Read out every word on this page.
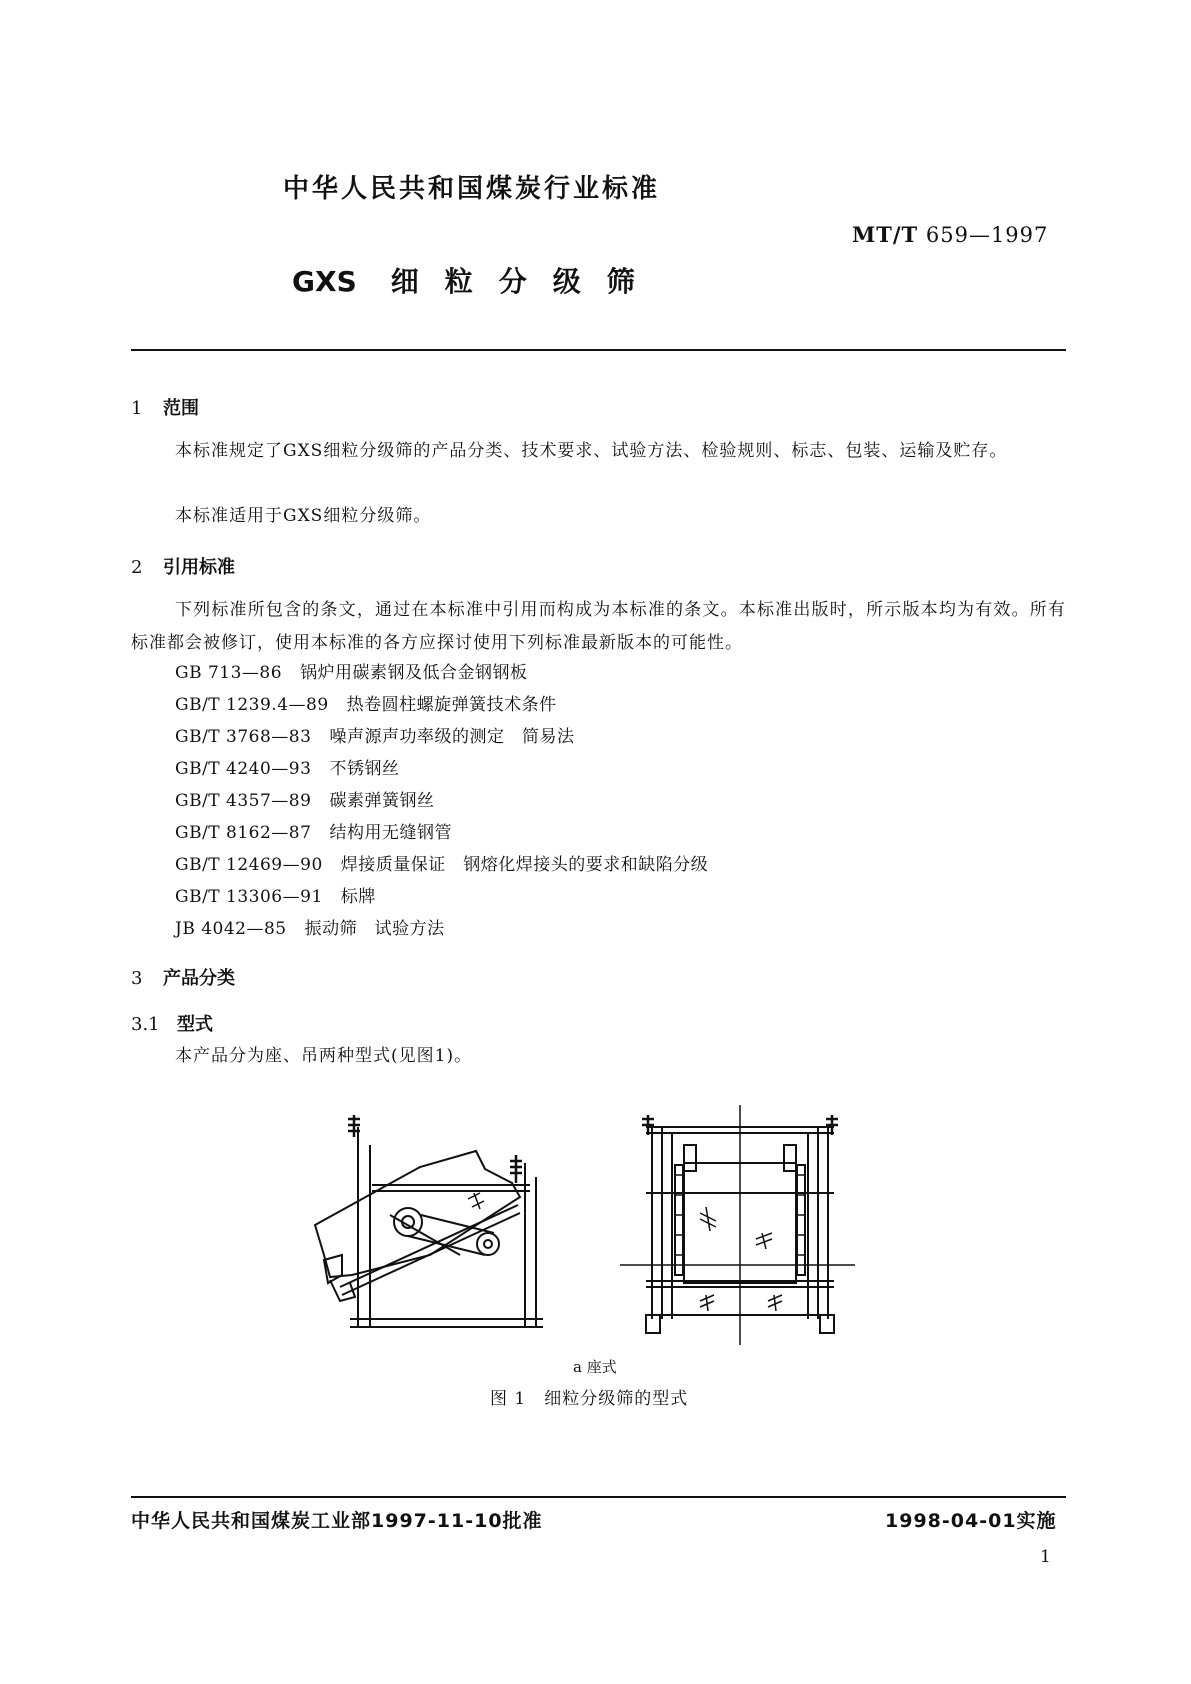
中华人民共和国煤炭行业标准
MT/T 659—1997
GXS 细粒分级筛
1 范围
本标准规定了GXS细粒分级筛的产品分类、技术要求、试验方法、检验规则、标志、包装、运输及贮存。
本标准适用于GXS细粒分级筛。
2 引用标准
下列标准所包含的条文，通过在本标准中引用而构成为本标准的条文。本标准出版时，所示版本均为有效。所有标准都会被修订，使用本标准的各方应探讨使用下列标准最新版本的可能性。
GB 713—86 锅炉用碳素钢及低合金钢钢板
GB/T 1239.4—89 热卷圆柱螺旋弹簧技术条件
GB/T 3768—83 噪声源声功率级的测定　简易法
GB/T 4240—93 不锈钢丝
GB/T 4357—89 碳素弹簧钢丝
GB/T 8162—87 结构用无缝钢管
GB/T 12469—90 焊接质量保证　钢熔化焊接头的要求和缺陷分级
GB/T 13306—91 标牌
JB 4042—85 振动筛　试验方法
3 产品分类
3.1 型式
本产品分为座、吊两种型式(见图1)。
a 座式
图 1 细粒分级筛的型式
中华人民共和国煤炭工业部1997-11-10批准	1998-04-01实施
1
